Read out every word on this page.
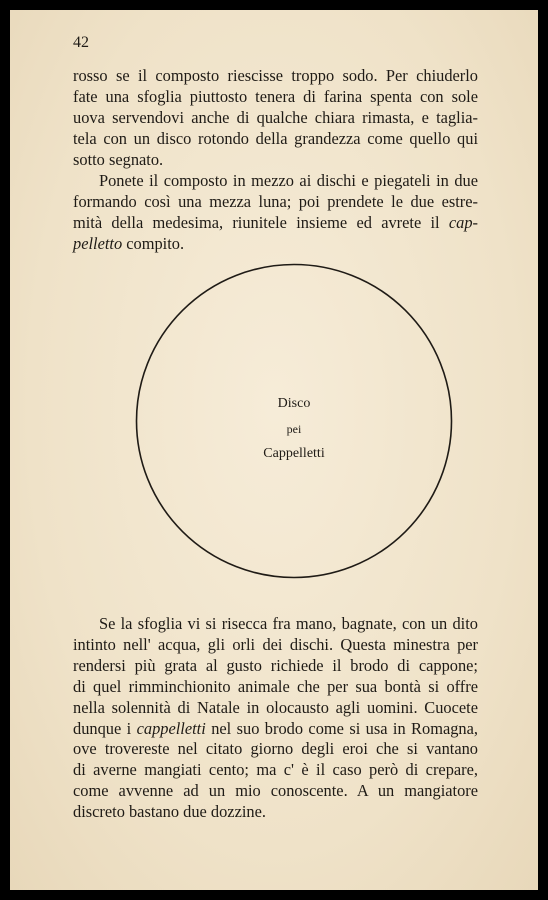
42
rosso se il composto riescisse troppo sodo. Per chiuderlo
fate una sfoglia piuttosto tenera di farina spenta con sole
uova servendovi anche di qualche chiara rimasta, e taglia-
tela con un disco rotondo della grandezza come quello qui
sotto segnato.
Ponete il composto in mezzo ai dischi e piegateli in due
formando così una mezza luna; poi prendete le due estre-
mità della medesima, riunitele insieme ed avrete il cap-
pelletto compito.
Disco
pei
Cappelletti
Se la sfoglia vi si risecca fra mano, bagnate, con un dito
intinto nell' acqua, gli orli dei dischi. Questa minestra per
rendersi più grata al gusto richiede il brodo di cappone;
di quel rimminchionito animale che per sua bontà si offre
nella solennità di Natale in olocausto agli uomini. Cuocete
dunque i cappelletti nel suo brodo come si usa in Romagna,
ove trovereste nel citato giorno degli eroi che si vantano
di averne mangiati cento; ma c' è il caso però di crepare,
come avvenne ad un mio conoscente. A un mangiatore
discreto bastano due dozzine.
